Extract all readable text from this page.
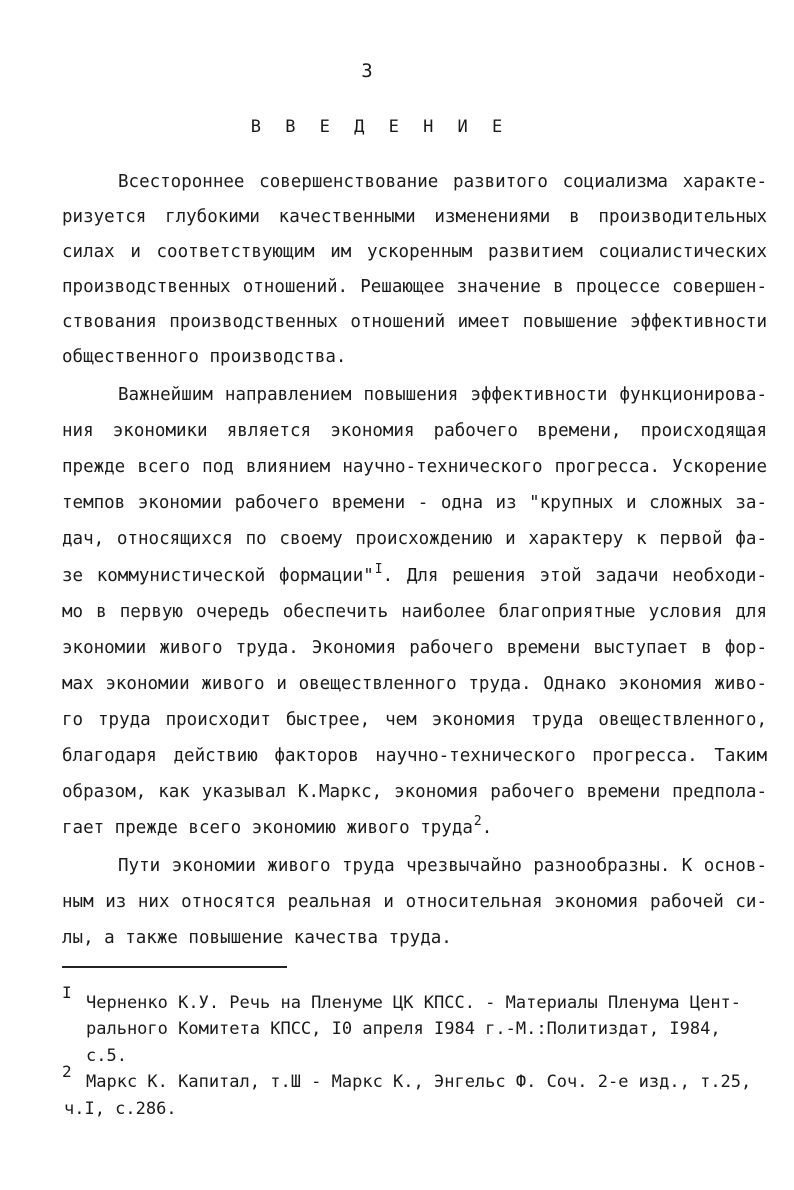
3
В В Е Д Е Н И Е
Всестороннее совершенствование развитого социализма характе-
ризуется глубокими качественными изменениями в производительных
силах и соответствующим им ускоренным развитием социалистических
производственных отношений. Решающее значение в процессе совершен-
ствования производственных отношений имеет повышение эффективности
общественного производства.
Важнейшим направлением повышения эффективности функционирова-
ния экономики является экономия рабочего времени, происходящая
прежде всего под влиянием научно-технического прогресса. Ускорение
темпов экономии рабочего времени - одна из "крупных и сложных за-
дач, относящихся по своему происхождению и характеру к первой фа-
зе коммунистической формации"$^I$. Для решения этой задачи необходи-
мо в первую очередь обеспечить наиболее благоприятные условия для
экономии живого труда. Экономия рабочего времени выступает в фор-
мах экономии живого и овеществленного труда. Однако экономия живо-
го труда происходит быстрее, чем экономия труда овеществленного,
благодаря действию факторов научно-технического прогресса. Таким
образом, как указывал К.Маркс, экономия рабочего времени предпола-
гает прежде всего экономию живого труда$^2$.
Пути экономии живого труда чрезвычайно разнообразны. К основ-
ным из них относятся реальная и относительная экономия рабочей си-
лы, а также повышение качества труда.
I
Черненко К.У. Речь на Пленуме ЦК КПСС. - Материалы Пленума Цент-
рального Комитета КПСС, I0 апреля I984 г.-М.:Политиздат, I984,
с.5.
2
Маркс К. Капитал, т.Ш - Маркс К., Энгельс Ф. Соч. 2-е изд., т.25,
ч.I, с.286.
